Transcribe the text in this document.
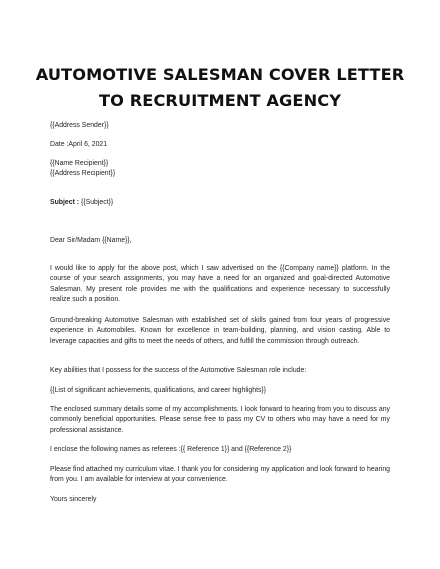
AUTOMOTIVE SALESMAN COVER LETTER
TO RECRUITMENT AGENCY
{{Address Sender}}
Date :April 6, 2021
{{Name Recipient}}
{{Address Recipient}}
Subject : {{Subject}}
Dear Sir/Madam {{Name}},
I would like to apply for the above post, which I saw advertised on the {{Company name}} platform. In the course of your search assignments, you may have a need for an organized and goal-directed Automotive Salesman. My present role provides me with the qualifications and experience necessary to successfully realize such a position.
Ground-breaking Automotive Salesman with established set of skills gained from four years of progressive experience in Automobiles. Known for excellence in team-building, planning, and vision casting. Able to leverage capacities and gifts to meet the needs of others, and fulfill the commission through outreach.
Key abilities that I possess for the success of the Automotive Salesman role include:
{{List of significant achievements, qualifications, and career highlights}}
The enclosed summary details some of my accomplishments. I look forward to hearing from you to discuss any commonly beneficial opportunities. Please sense free to pass my CV to others who may have a need for my professional assistance.
I enclose the following names as referees :{{ Reference 1}} and {{Reference 2}}
Please find attached my curriculum vitae. I thank you for considering my application and look forward to hearing from you. I am available for interview at your convenience.
Yours sincerely
